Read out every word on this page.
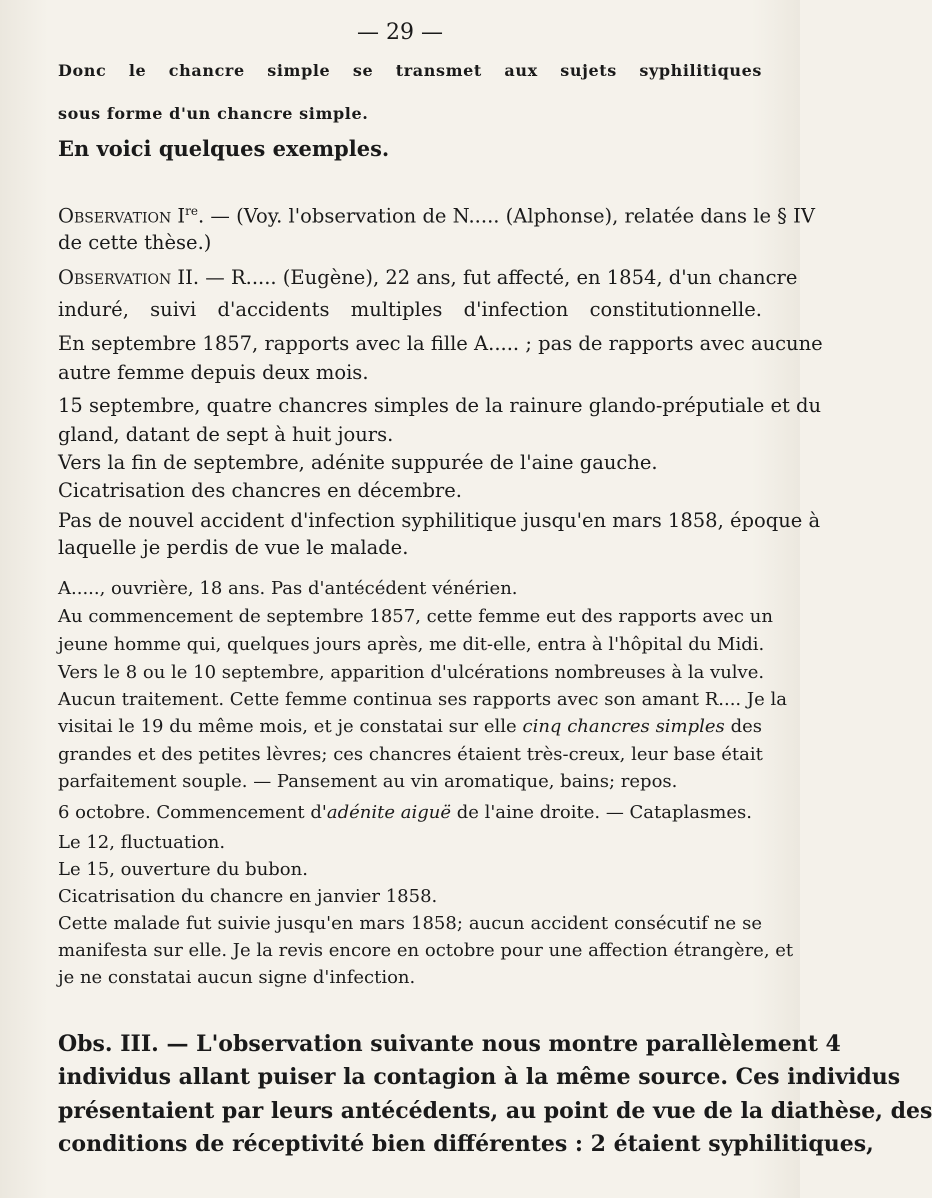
— 29 —
Donc le chancre simple se transmet aux sujets syphilitiques
sous forme d'un chancre simple.
En voici quelques exemples.
Observation Ire. — (Voy. l'observation de N..... (Alphonse), relatée dans le § IV
de cette thèse.)
Observation II. — R..... (Eugène), 22 ans, fut affecté, en 1854, d'un chancre
induré, suivi d'accidents multiples d'infection constitutionnelle.
En septembre 1857, rapports avec la fille A..... ; pas de rapports avec aucune
autre femme depuis deux mois.
15 septembre, quatre chancres simples de la rainure glando-préputiale et du
gland, datant de sept à huit jours.
Vers la fin de septembre, adénite suppurée de l'aine gauche.
Cicatrisation des chancres en décembre.
Pas de nouvel accident d'infection syphilitique jusqu'en mars 1858, époque à
laquelle je perdis de vue le malade.
A....., ouvrière, 18 ans. Pas d'antécédent vénérien.
Au commencement de septembre 1857, cette femme eut des rapports avec un
jeune homme qui, quelques jours après, me dit-elle, entra à l'hôpital du Midi.
Vers le 8 ou le 10 septembre, apparition d'ulcérations nombreuses à la vulve.
Aucun traitement. Cette femme continua ses rapports avec son amant R.... Je la
visitai le 19 du même mois, et je constatai sur elle cinq chancres simples des
grandes et des petites lèvres; ces chancres étaient très-creux, leur base était
parfaitement souple. — Pansement au vin aromatique, bains; repos.
6 octobre. Commencement d'adénite aiguë de l'aine droite. — Cataplasmes.
Le 12, fluctuation.
Le 15, ouverture du bubon.
Cicatrisation du chancre en janvier 1858.
Cette malade fut suivie jusqu'en mars 1858; aucun accident consécutif ne se
manifesta sur elle. Je la revis encore en octobre pour une affection étrangère, et
je ne constatai aucun signe d'infection.
Obs. III. — L'observation suivante nous montre parallèlement 4
individus allant puiser la contagion à la même source. Ces individus
présentaient par leurs antécédents, au point de vue de la diathèse, des
conditions de réceptivité bien différentes : 2 étaient syphilitiques,
